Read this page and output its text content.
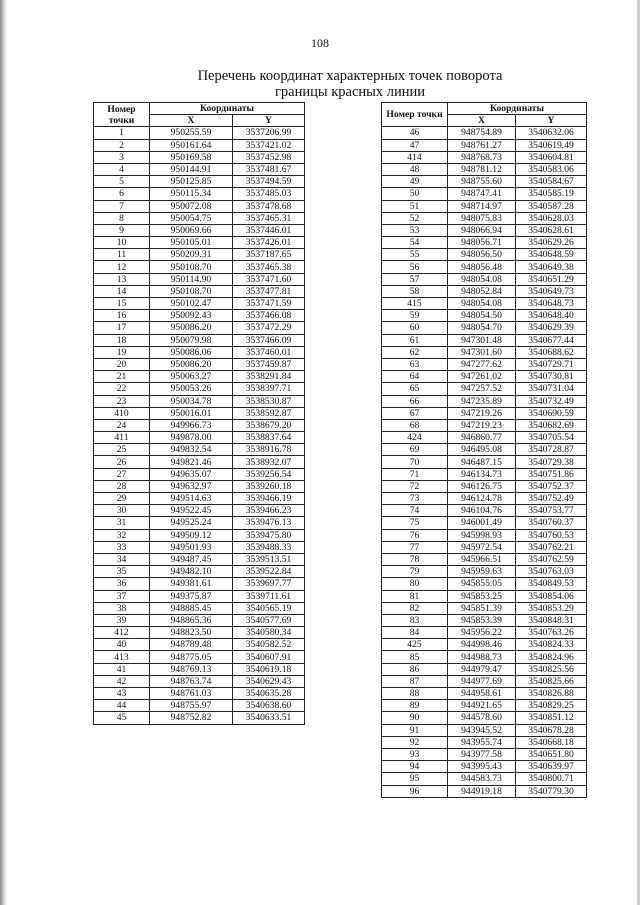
108
Перечень координат характерных точек поворота
границы красных линии
Номер
точки	Координаты	
	X	Y
1	950255.59	3537206.99
2	950161.64	3537421.02
3	950169.58	3537452.98
4	950144.91	3537481.67
5	950125.85	3537494.59
6	950115.34	3537485.03
7	950072.08	3537478.68
8	950054.75	3537465.31
9	950069.66	3537446.01
10	950105.01	3537426.01
11	950209.31	3537187.65
12	950108.70	3537465.38
13	950114.90	3537471.60
14	950108.70	3537477.81
15	950102.47	3537471.59
16	950092.43	3537466.08
17	950086.20	3537472.29
18	950079.98	3537466.09
19	950086.06	3537460.01
20	950086.20	3537459.87
21	950063.27	3538291.84
22	950053.26	3538397.71
23	950034.78	3538530.87
410	950016.01	3538592.87
24	949966.73	3538679.20
411	949878.00	3538837.64
25	949832.54	3538916.78
26	949821.46	3538932.07
27	949635.07	3539256.54
28	949632.97	3539260.18
29	949514.63	3539466.19
30	949522.45	3539466.23
31	949525.24	3539476.13
32	949509.12	3539475.80
33	949501.93	3539488.33
34	949487.45	3539513.51
35	949482.10	3539522.84
36	949381.61	3539697.77
37	949375.87	3539711.61
38	948885.45	3540565.19
39	948865.36	3540577.69
412	948823.50	3540580.34
40	948789.48	3540582.52
413	948775.05	3540607.91
41	948769.13	3540619.18
42	948763.74	3540629.43
43	948761.03	3540635.28
44	948755.97	3540638.60
45	948752.82	3540633.51
Номер точки	Координаты	
	X	Y
46	948754.89	3540632.06
47	948761.27	3540619.49
414	948768.73	3540604.81
48	948781.12	3540583.06
49	948755.60	3540584.67
50	948747.41	3540585.19
51	948714.97	3540587.28
52	948075.83	3540628.03
53	948066.94	3540628.61
54	948056.71	3540629.26
55	948056.50	3540648.59
56	948056.48	3540649.38
57	948054.08	3540651.29
58	948052.84	3540649.73
415	948054.08	3540648.73
59	948054.50	3540648.40
60	948054.70	3540629.39
61	947301.48	3540677.44
62	947301.60	3540688.62
63	947277.62	3540729.71
64	947261.02	3540730.81
65	947257.52	3540731.04
66	947235.89	3540732.49
67	947219.26	3540690.59
68	947219.23	3540682.69
424	946860.77	3540705.54
69	946495.08	3540728.87
70	946487.15	3540729.38
71	946134.73	3540751.86
72	946126.75	3540752.37
73	946124.78	3540752.49
74	946104.76	3540753.77
75	946001.49	3540760.37
76	945998.93	3540760.53
77	945972.54	3540762.21
78	945966.51	3540762.59
79	945959.63	3540763.03
80	945855.05	3540849.53
81	945853.25	3540854.06
82	945851.39	3540853.29
83	945853.39	3540848.31
84	945956.22	3540763.26
425	944998.46	3540824.33
85	944988.73	3540824.96
86	944979.47	3540825.56
87	944977.69	3540825.66
88	944958.61	3540826.88
89	944921.65	3540829.25
90	944578.60	3540851.12
91	943945.52	3540678.28
92	943955.74	3540668.18
93	943977.58	3540651.80
94	943995.43	3540639.97
95	944583.73	3540800.71
96	944919.18	3540779.30
